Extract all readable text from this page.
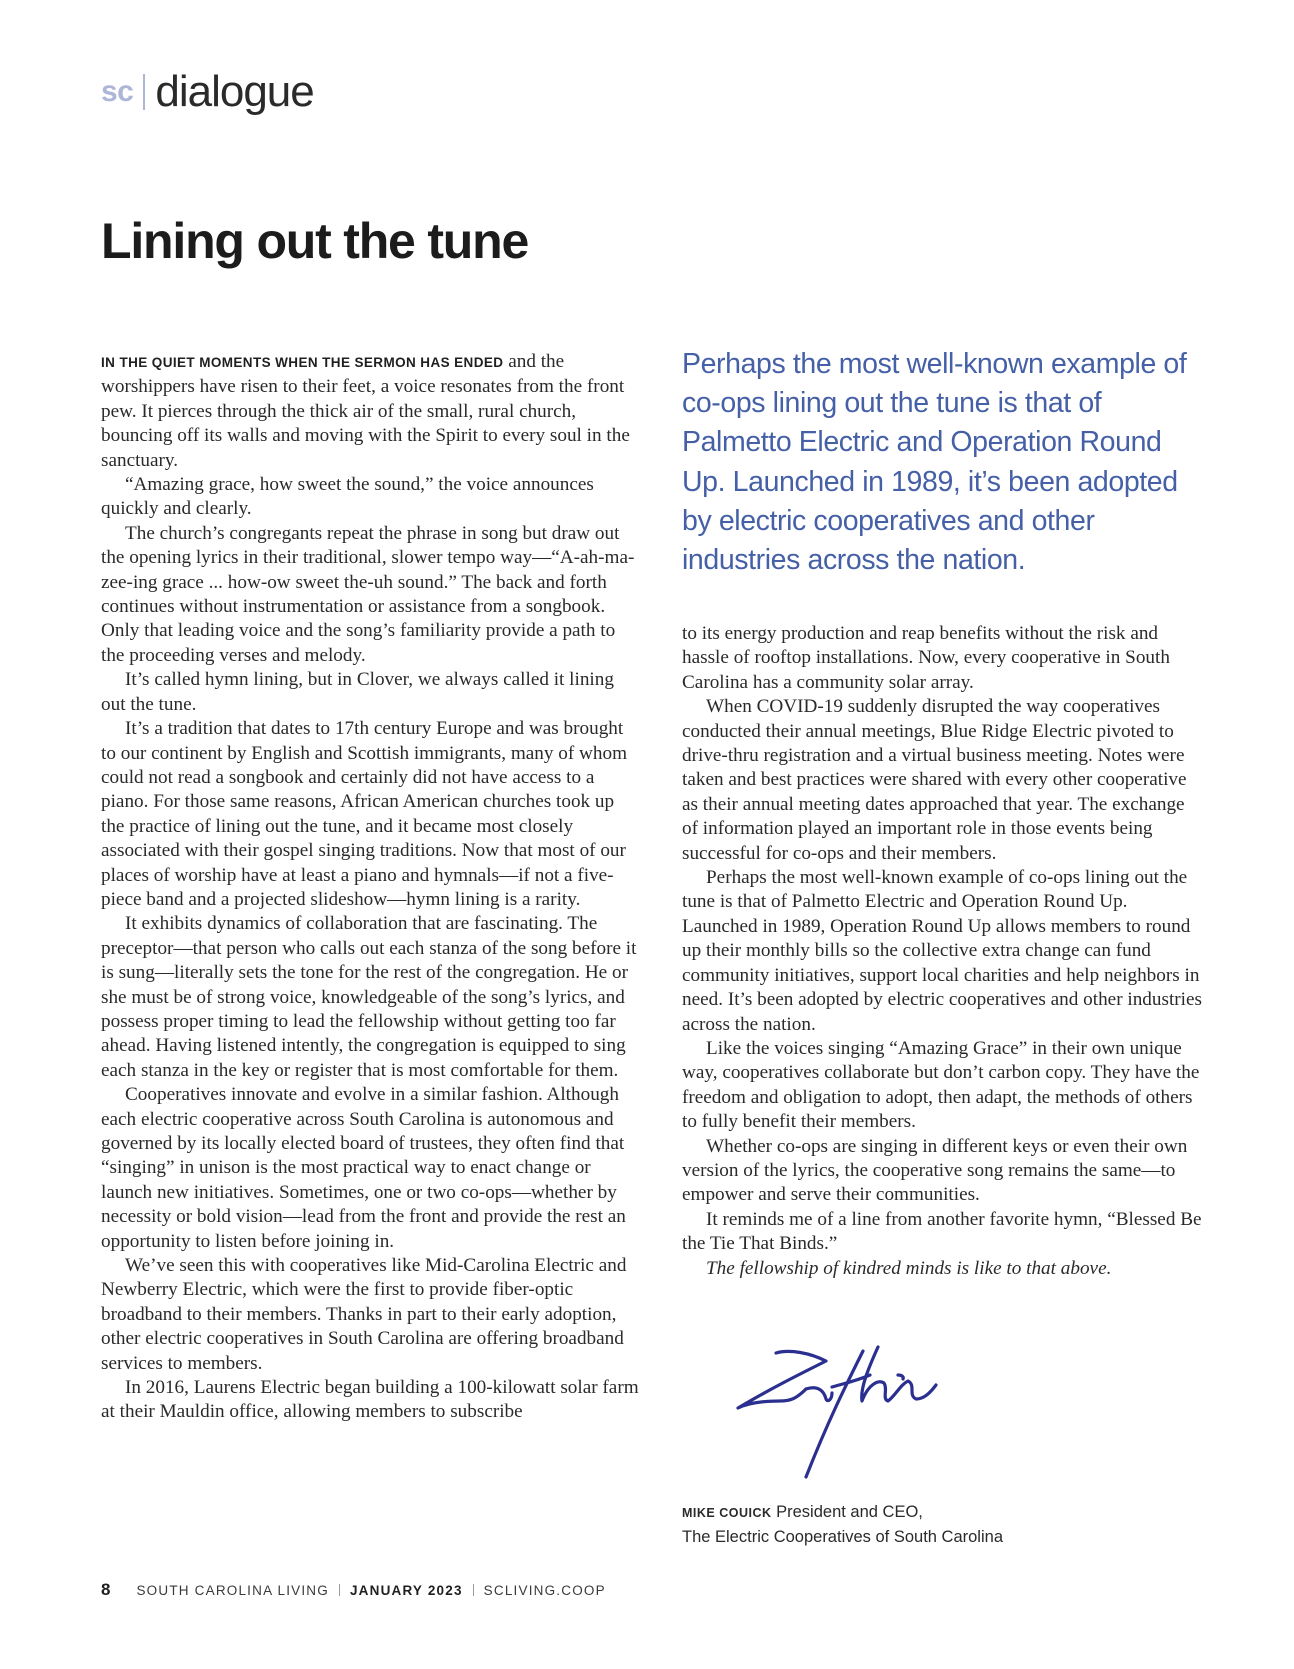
sc dialogue
Lining out the tune

IN THE QUIET MOMENTS WHEN THE SERMON HAS ENDED and the worshippers have risen to their feet, a voice resonates from the front pew. It pierces through the thick air of the small, rural church, bouncing off its walls and moving with the Spirit to every soul in the sanctuary.

“Amazing grace, how sweet the sound,” the voice announces quickly and clearly.

The church’s congregants repeat the phrase in song but draw out the opening lyrics in their traditional, slower tempo way—“A-ah-ma-zee-ing grace ... how-ow sweet the-uh sound.” The back and forth continues without instrumentation or assistance from a songbook. Only that leading voice and the song’s familiarity provide a path to the proceeding verses and melody.

It’s called hymn lining, but in Clover, we always called it lining out the tune.

It’s a tradition that dates to 17th century Europe and was brought to our continent by English and Scottish immigrants, many of whom could not read a songbook and certainly did not have access to a piano. For those same reasons, African American churches took up the practice of lining out the tune, and it became most closely associated with their gospel singing traditions. Now that most of our places of worship have at least a piano and hymnals—if not a five-piece band and a projected slideshow—hymn lining is a rarity.

It exhibits dynamics of collaboration that are fascinating. The preceptor—that person who calls out each stanza of the song before it is sung—literally sets the tone for the rest of the congregation. He or she must be of strong voice, knowledgeable of the song’s lyrics, and possess proper timing to lead the fellowship without getting too far ahead. Having listened intently, the congregation is equipped to sing each stanza in the key or register that is most comfortable for them.

Cooperatives innovate and evolve in a similar fashion. Although each electric cooperative across South Carolina is autonomous and governed by its locally elected board of trustees, they often find that “singing” in unison is the most practical way to enact change or launch new initiatives. Sometimes, one or two co-ops—whether by necessity or bold vision—lead from the front and provide the rest an opportunity to listen before joining in.

We’ve seen this with cooperatives like Mid-Carolina Electric and Newberry Electric, which were the first to provide fiber-optic broadband to their members. Thanks in part to their early adoption, other electric cooperatives in South Carolina are offering broadband services to members.

In 2016, Laurens Electric began building a 100-kilowatt solar farm at their Mauldin office, allowing members to subscribe

Perhaps the most well-known example of co-ops lining out the tune is that of Palmetto Electric and Operation Round Up. Launched in 1989, it’s been adopted by electric cooperatives and other industries across the nation.

to its energy production and reap benefits without the risk and hassle of rooftop installations. Now, every cooperative in South Carolina has a community solar array.

When COVID-19 suddenly disrupted the way cooperatives conducted their annual meetings, Blue Ridge Electric pivoted to drive-thru registration and a virtual business meeting. Notes were taken and best practices were shared with every other cooperative as their annual meeting dates approached that year. The exchange of information played an important role in those events being successful for co-ops and their members.

Perhaps the most well-known example of co-ops lining out the tune is that of Palmetto Electric and Operation Round Up. Launched in 1989, Operation Round Up allows members to round up their monthly bills so the collective extra change can fund community initiatives, support local charities and help neighbors in need. It’s been adopted by electric cooperatives and other industries across the nation.

Like the voices singing “Amazing Grace” in their own unique way, cooperatives collaborate but don’t carbon copy. They have the freedom and obligation to adopt, then adapt, the methods of others to fully benefit their members.

Whether co-ops are singing in different keys or even their own version of the lyrics, the cooperative song remains the same—to empower and serve their communities.

It reminds me of a line from another favorite hymn, “Blessed Be the Tie That Binds.”

The fellowship of kindred minds is like to that above.

MIKE COUICK President and CEO,
The Electric Cooperatives of South Carolina
8 SOUTH CAROLINA LIVING JANUARY 2023 SCLIVING.COOP
